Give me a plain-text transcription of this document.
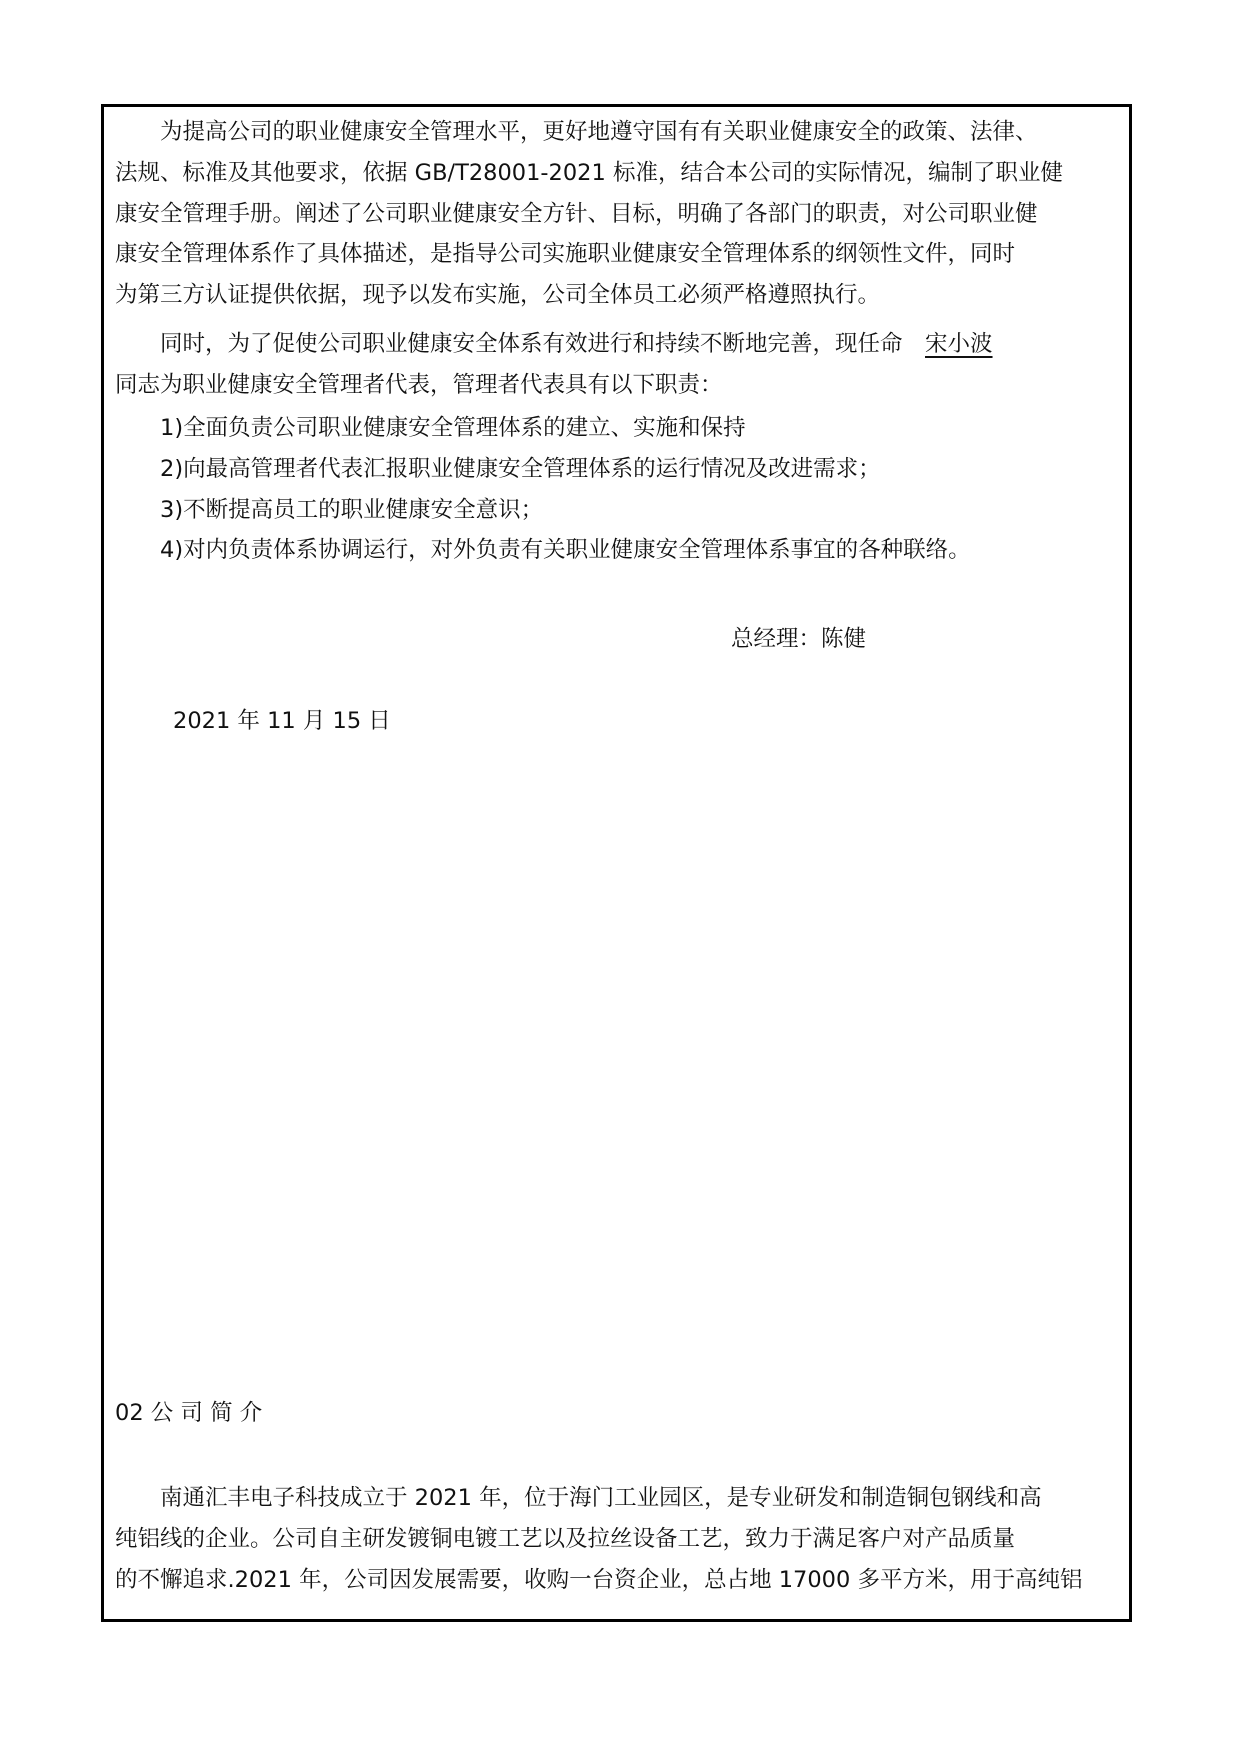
　　为提高公司的职业健康安全管理水平，更好地遵守国有有关职业健康安全的政策、法律、
法规、标准及其他要求，依据 GB/T28001-2021 标准，结合本公司的实际情况，编制了职业健
康安全管理手册。阐述了公司职业健康安全方针、目标，明确了各部门的职责，对公司职业健
康安全管理体系作了具体描述，是指导公司实施职业健康安全管理体系的纲领性文件，同时
为第三方认证提供依据，现予以发布实施，公司全体员工必须严格遵照执行。
　　同时，为了促使公司职业健康安全体系有效进行和持续不断地完善，现任命　宋小波
同志为职业健康安全管理者代表，管理者代表具有以下职责：
　　1)全面负责公司职业健康安全管理体系的建立、实施和保持
　　2)向最高管理者代表汇报职业健康安全管理体系的运行情况及改进需求；
　　3)不断提高员工的职业健康安全意识；
　　4)对内负责体系协调运行，对外负责有关职业健康安全管理体系事宜的各种联络。
总经理：陈健
2021 年 11 月 15 日
02 公 司 简 介
　　南通汇丰电子科技成立于 2021 年，位于海门工业园区，是专业研发和制造铜包钢线和高
纯铝线的企业。公司自主研发镀铜电镀工艺以及拉丝设备工艺，致力于满足客户对产品质量
的不懈追求.2021 年，公司因发展需要，收购一台资企业，总占地 17000 多平方米，用于高纯铝
